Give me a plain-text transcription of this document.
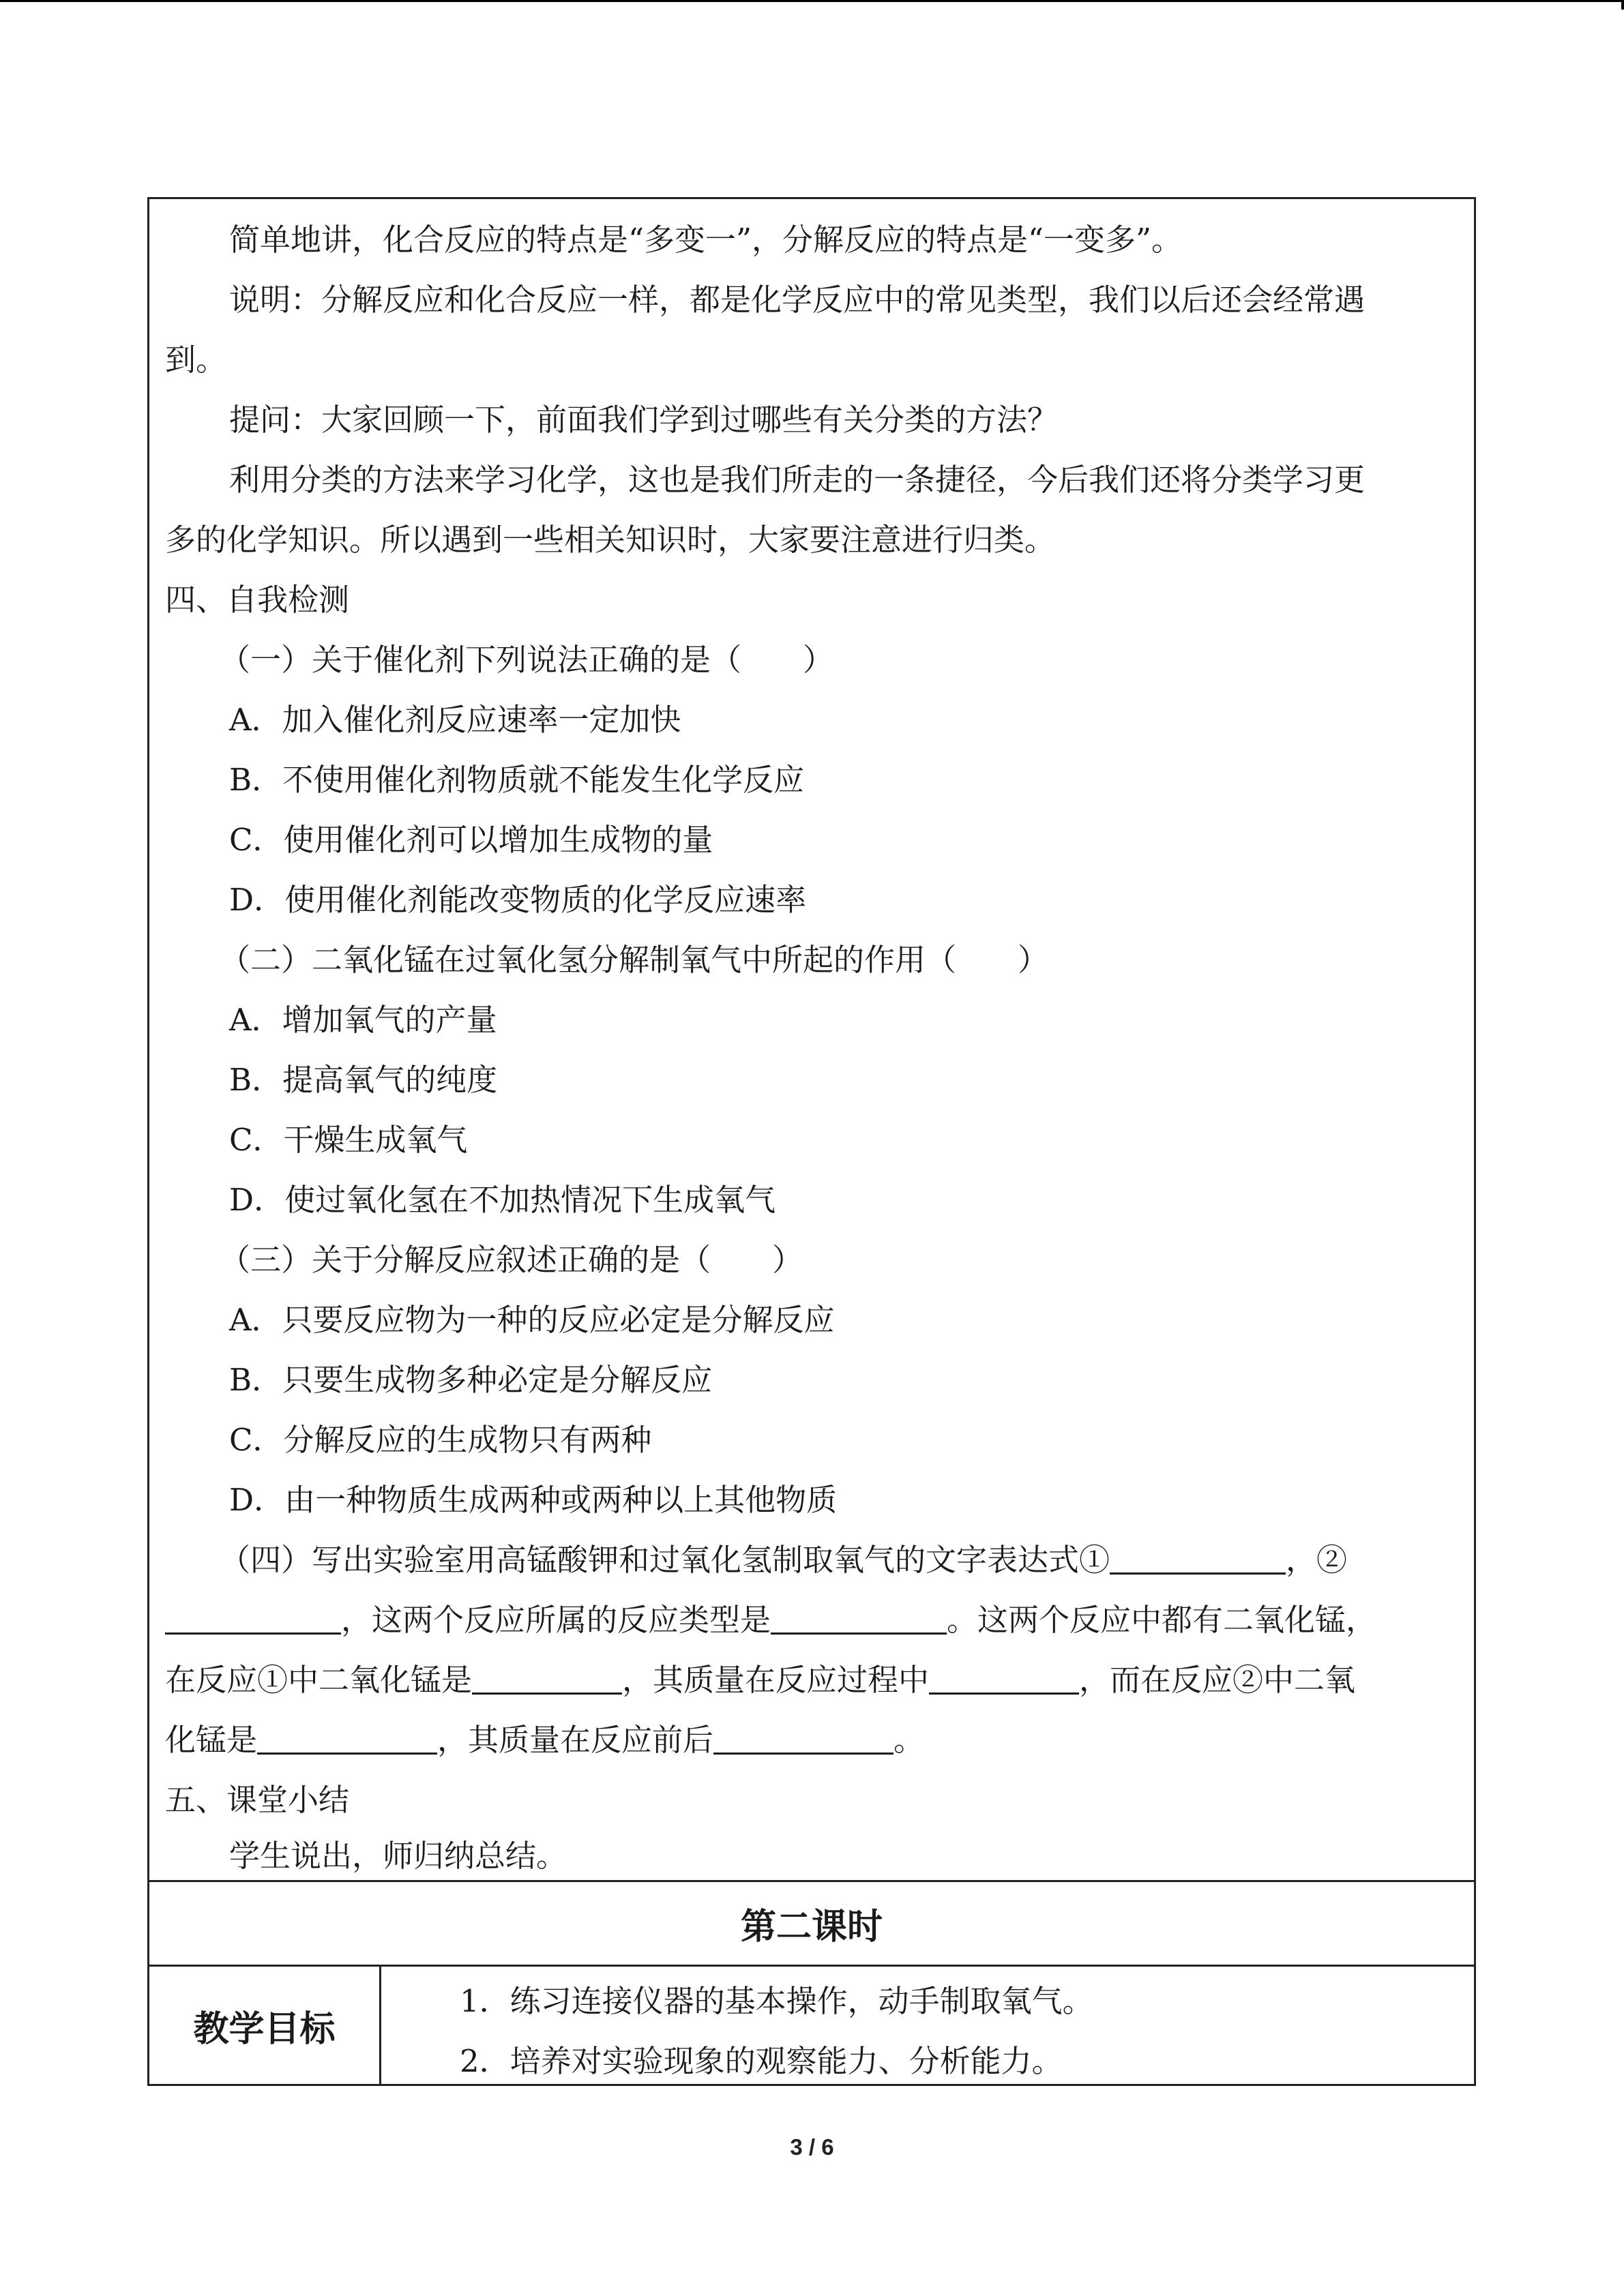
简单地讲，化合反应的特点是“多变一”，分解反应的特点是“一变多”。
说明：分解反应和化合反应一样，都是化学反应中的常见类型，我们以后还会经常遇
到。
提问：大家回顾一下，前面我们学到过哪些有关分类的方法？
利用分类的方法来学习化学，这也是我们所走的一条捷径，今后我们还将分类学习更
多的化学知识。所以遇到一些相关知识时，大家要注意进行归类。
四、自我检测
（一）关于催化剂下列说法正确的是（　　）
A．加入催化剂反应速率一定加快
B．不使用催化剂物质就不能发生化学反应
C．使用催化剂可以增加生成物的量
D．使用催化剂能改变物质的化学反应速率
（二）二氧化锰在过氧化氢分解制氧气中所起的作用（　　）
A．增加氧气的产量
B．提高氧气的纯度
C．干燥生成氧气
D．使过氧化氢在不加热情况下生成氧气
（三）关于分解反应叙述正确的是（　　）
A．只要反应物为一种的反应必定是分解反应
B．只要生成物多种必定是分解反应
C．分解反应的生成物只有两种
D．由一种物质生成两种或两种以上其他物质
（四）写出实验室用高锰酸钾和过氧化氢制取氧气的文字表达式①	，②
，这两个反应所属的反应类型是	。这两个反应中都有二氧化锰，
在反应①中二氧化锰是	，其质量在反应过程中	，而在反应②中二氧
化锰是	，其质量在反应前后	。
五、课堂小结
学生说出，师归纳总结。
第二课时
教学目标
1．练习连接仪器的基本操作，动手制取氧气。
2．培养对实验现象的观察能力、分析能力。
3 / 6
